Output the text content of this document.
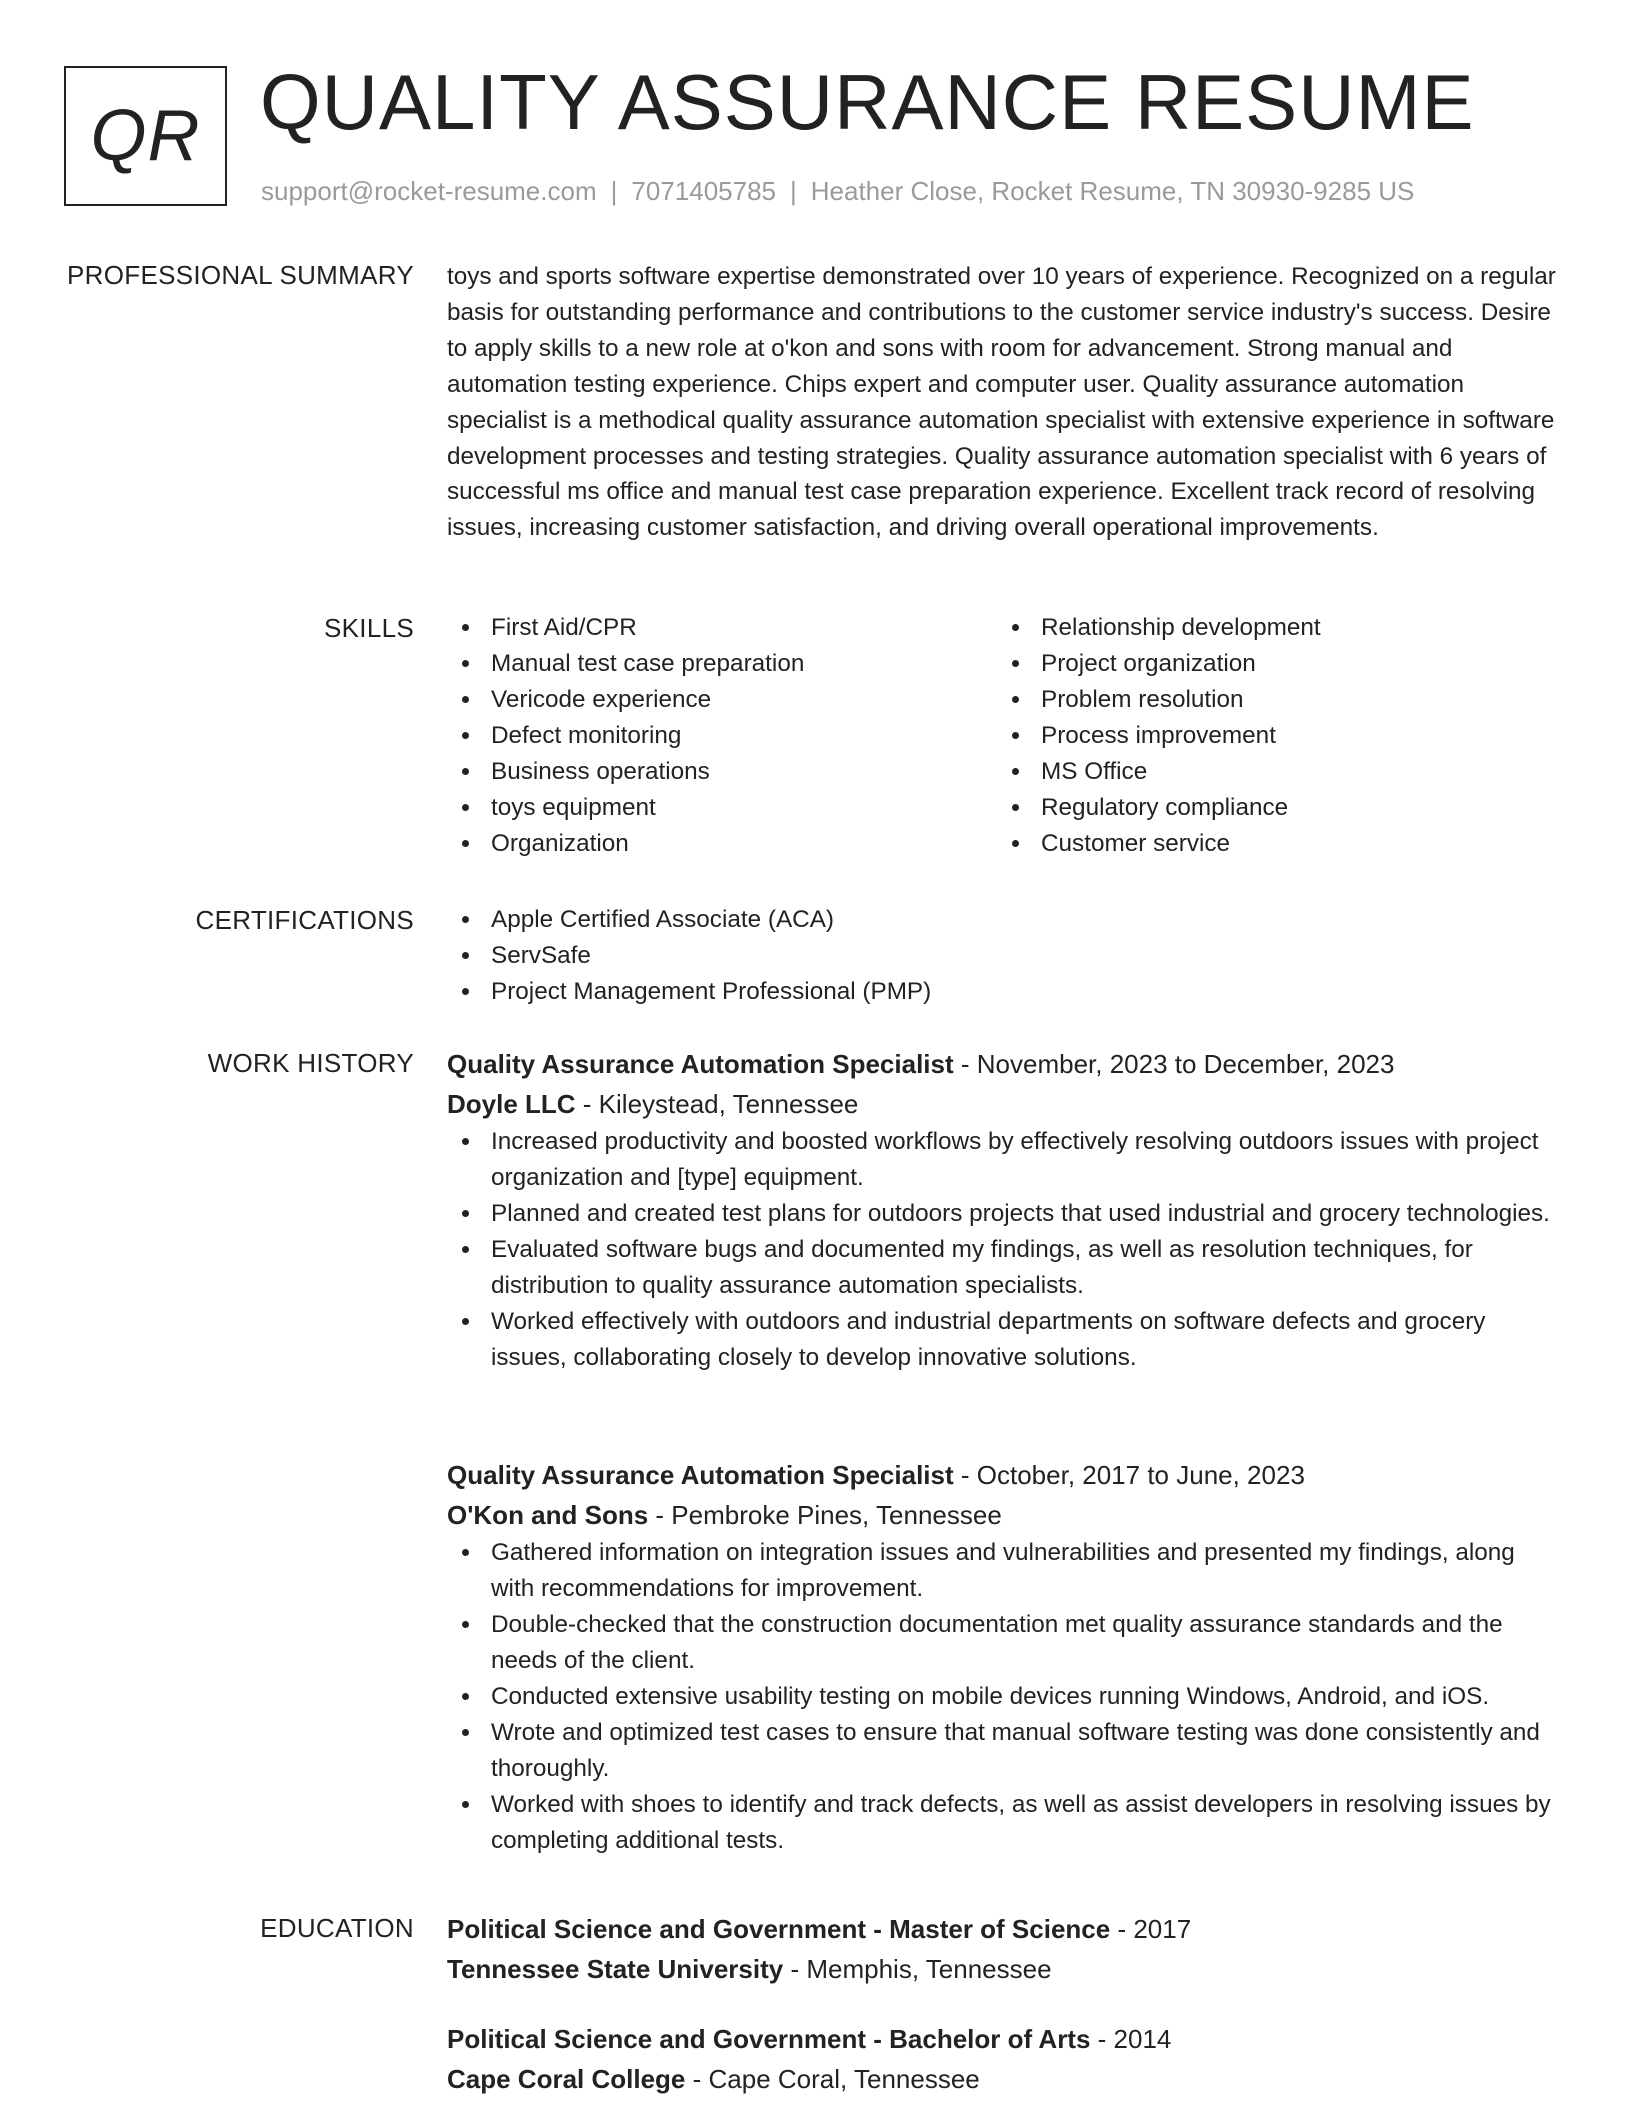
QR QUALITY ASSURANCE RESUME
support@rocket-resume.com | 7071405785 | Heather Close, Rocket Resume, TN 30930-9285 US
PROFESSIONAL SUMMARY toys and sports software expertise demonstrated over 10 years of experience. Recognized on a regular basis for outstanding performance and contributions to the customer service industry's success. Desire to apply skills to a new role at o'kon and sons with room for advancement. Strong manual and automation testing experience. Chips expert and computer user. Quality assurance automation specialist is a methodical quality assurance automation specialist with extensive experience in software development processes and testing strategies. Quality assurance automation specialist with 6 years of successful ms office and manual test case preparation experience. Excellent track record of resolving issues, increasing customer satisfaction, and driving overall operational improvements.

SKILLS	First Aid/CPR
Manual test case preparation
Vericode experience
Defect monitoring
Business operations
toys equipment
Organization
Relationship development
Project organization
Problem resolution
Process improvement
MS Office
Regulatory compliance
Customer service
CERTIFICATIONS	Apple Certified Associate (ACA)
ServSafe
Project Management Professional (PMP)
WORK HISTORY Quality Assurance Automation Specialist - November, 2023 to December, 2023
Doyle LLC - Kileystead, Tennessee
Increased productivity and boosted workflows by effectively resolving outdoors issues with project organization and [type] equipment.
Planned and created test plans for outdoors projects that used industrial and grocery technologies.
Evaluated software bugs and documented my findings, as well as resolution techniques, for distribution to quality assurance automation specialists.
Worked effectively with outdoors and industrial departments on software defects and grocery issues, collaborating closely to develop innovative solutions.
Quality Assurance Automation Specialist - October, 2017 to June, 2023
O'Kon and Sons - Pembroke Pines, Tennessee
Gathered information on integration issues and vulnerabilities and presented my findings, along with recommendations for improvement.
Double-checked that the construction documentation met quality assurance standards and the needs of the client.
Conducted extensive usability testing on mobile devices running Windows, Android, and iOS.
Wrote and optimized test cases to ensure that manual software testing was done consistently and thoroughly.
Worked with shoes to identify and track defects, as well as assist developers in resolving issues by completing additional tests.
EDUCATION Political Science and Government - Master of Science - 2017
Tennessee State University - Memphis, Tennessee
Political Science and Government - Bachelor of Arts - 2014
Cape Coral College - Cape Coral, Tennessee
